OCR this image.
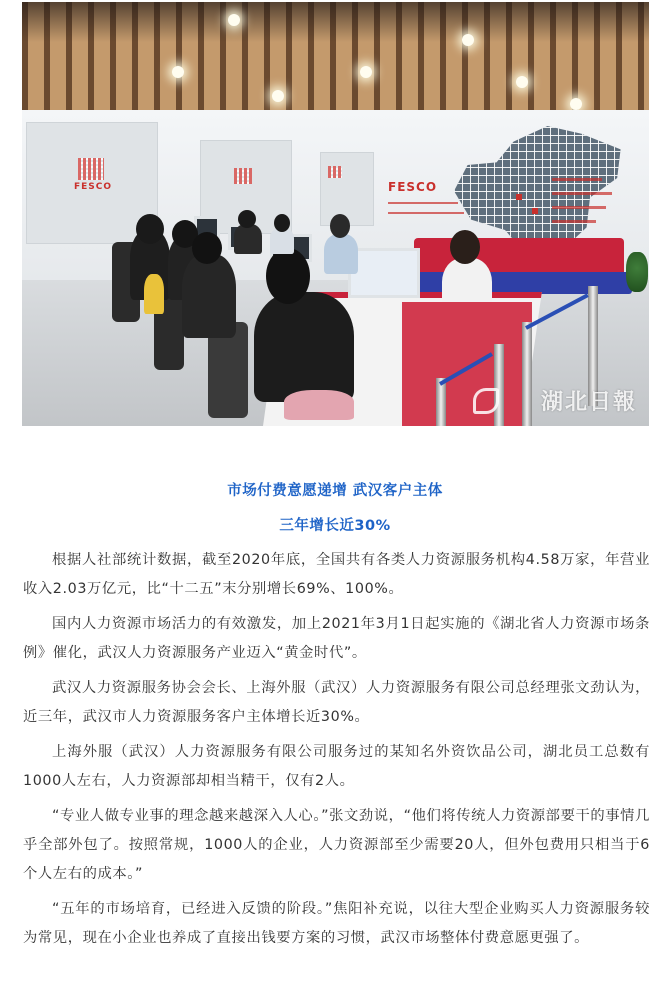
FESCO	FESCO
湖北日報
市场付费意愿递增 武汉客户主体
三年增长近30%

根据人社部统计数据，截至2020年底，全国共有各类人力资源服务机构4.58万家，年营业收入2.03万亿元，比“十二五”末分别增长69%、100%。

国内人力资源市场活力的有效激发，加上2021年3月1日起实施的《湖北省人力资源市场条例》催化，武汉人力资源服务产业迈入“黄金时代”。

武汉人力资源服务协会会长、上海外服（武汉）人力资源服务有限公司总经理张文劲认为，近三年，武汉市人力资源服务客户主体增长近30%。

上海外服（武汉）人力资源服务有限公司服务过的某知名外资饮品公司，湖北员工总数有1000人左右，人力资源部却相当精干，仅有2人。

“专业人做专业事的理念越来越深入人心。”张文劲说，“他们将传统人力资源部要干的事情几乎全部外包了。按照常规，1000人的企业，人力资源部至少需要20人，但外包费用只相当于6个人左右的成本。”

“五年的市场培育，已经进入反馈的阶段。”焦阳补充说，以往大型企业购买人力资源服务较为常见，现在小企业也养成了直接出钱要方案的习惯，武汉市场整体付费意愿更强了。
